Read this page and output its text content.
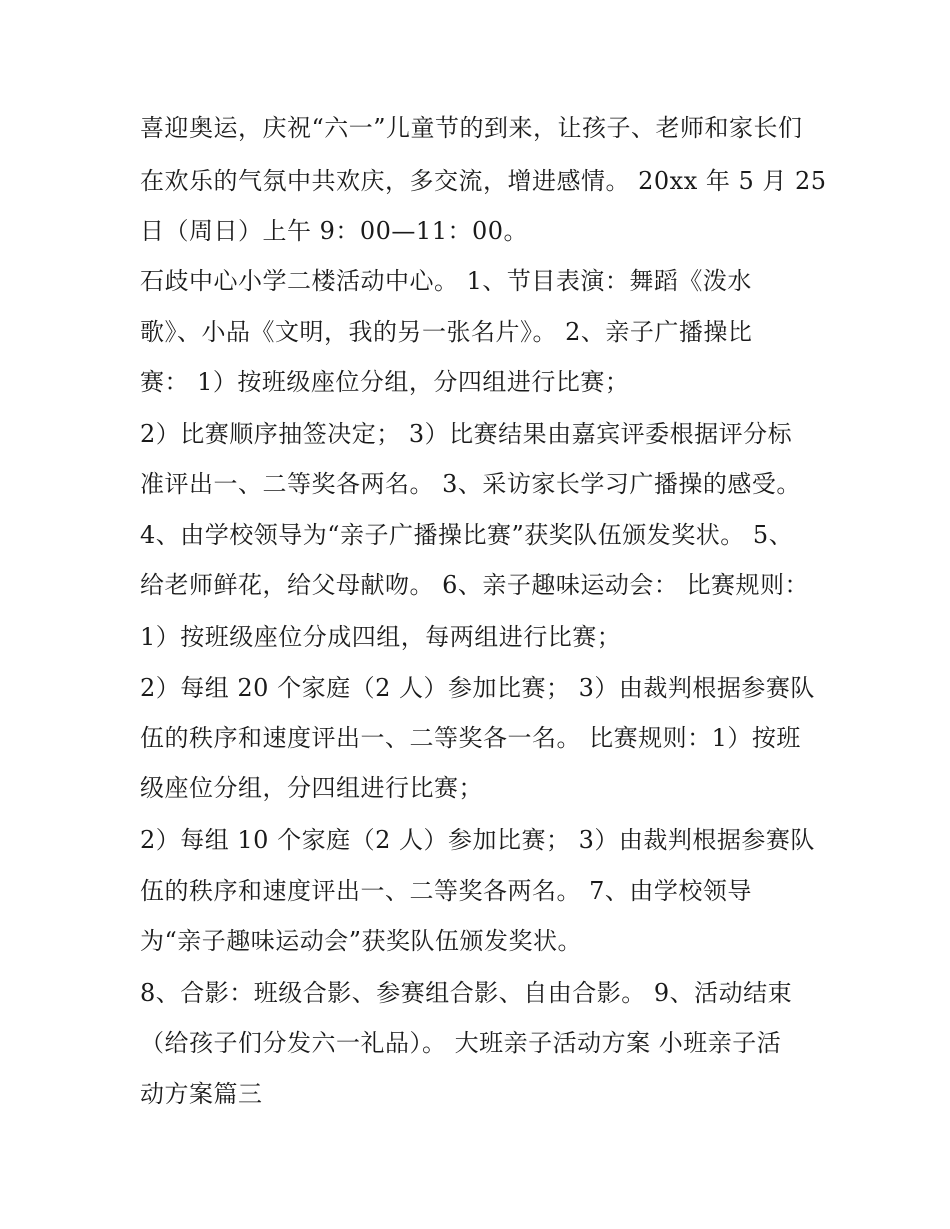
喜迎奥运，庆祝“六一”儿童节的到来，让孩子、老师和家长们
在欢乐的气氛中共欢庆，多交流，增进感情。 20xx 年 5 月 25
日（周日）上午 9：00—11：00。
石歧中心小学二楼活动中心。 1、节目表演：舞蹈《泼水
歌》、小品《文明，我的另一张名片》。 2、亲子广播操比
赛： 1）按班级座位分组，分四组进行比赛；
2）比赛顺序抽签决定； 3）比赛结果由嘉宾评委根据评分标
准评出一、二等奖各两名。 3、采访家长学习广播操的感受。
4、由学校领导为“亲子广播操比赛”获奖队伍颁发奖状。 5、
给老师鲜花，给父母献吻。 6、亲子趣味运动会： 比赛规则：
1）按班级座位分成四组，每两组进行比赛；
2）每组 20 个家庭（2 人）参加比赛； 3）由裁判根据参赛队
伍的秩序和速度评出一、二等奖各一名。 比赛规则：1）按班
级座位分组，分四组进行比赛；
2）每组 10 个家庭（2 人）参加比赛； 3）由裁判根据参赛队
伍的秩序和速度评出一、二等奖各两名。 7、由学校领导
为“亲子趣味运动会”获奖队伍颁发奖状。
8、合影：班级合影、参赛组合影、自由合影。 9、活动结束
（给孩子们分发六一礼品）。 大班亲子活动方案 小班亲子活
动方案篇三
